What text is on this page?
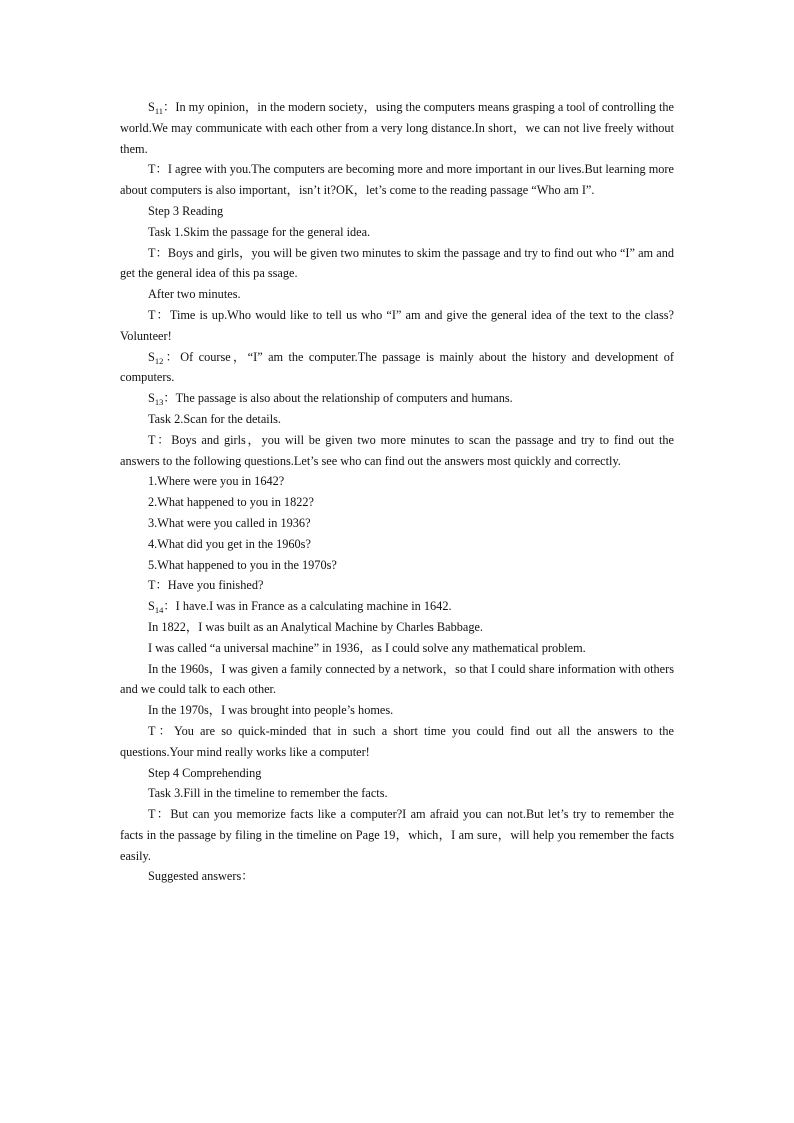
$S_{11}$：In my opinion，in the modern society，using the computers means grasping a tool of controlling the world.We may communicate with each other from a very long distance.In short，we can not live freely without them.

T：I agree with you.The computers are becoming more and more important in our lives.But learning more about computers is also important，isn’t it?OK，let’s come to the reading passage “Who am I”.

Step 3 Reading

Task 1.Skim the passage for the general idea.

T：Boys and girls，you will be given two minutes to skim the passage and try to find out who “I” am and get the general idea of this pa ssage.

After two minutes.

T：Time is up.Who would like to tell us who “I” am and give the general idea of the text to the class?Volunteer!

$S_{12}$：Of course，“I” am the computer.The passage is mainly about the history and development of computers.

$S_{13}$：The passage is also about the relationship of computers and humans.

Task 2.Scan for the details.

T：Boys and girls，you will be given two more minutes to scan the passage and try to find out the answers to the following questions.Let’s see who can find out the answers most quickly and correctly.

1.Where were you in 1642?

2.What happened to you in 1822?

3.What were you called in 1936?

4.What did you get in the 1960s?

5.What happened to you in the 1970s?

T：Have you finished?

$S_{14}$：I have.I was in France as a calculating machine in 1642.

In 1822，I was built as an Analytical Machine by Charles Babbage.

I was called “a universal machine” in 1936，as I could solve any mathematical problem.

In the 1960s，I was given a family connected by a network，so that I could share information with others and we could talk to each other.

In the 1970s，I was brought into people’s homes.

T：You are so quick-minded that in such a short time you could find out all the answers to the questions.Your mind really works like a computer!

Step 4 Comprehending

Task 3.Fill in the timeline to remember the facts.

T：But can you memorize facts like a computer?I am afraid you can not.But let’s try to remember the facts in the passage by filing in the timeline on Page 19，which，I am sure，will help you remember the facts easily.

Suggested answers：
